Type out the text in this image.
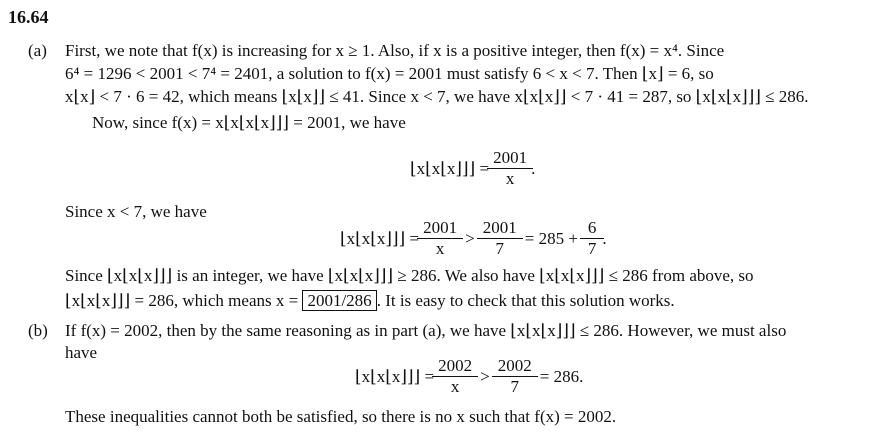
16.64
(a) First, we note that f(x) is increasing for x ≥ 1. Also, if x is a positive integer, then f(x) = x⁴. Since
6⁴ = 1296 < 2001 < 7⁴ = 2401, a solution to f(x) = 2001 must satisfy 6 < x < 7. Then ⌊x⌋ = 6, so
x⌊x⌋ < 7 · 6 = 42, which means ⌊x⌊x⌋⌋ ≤ 41. Since x < 7, we have x⌊x⌊x⌋⌋ < 7 · 41 = 287, so ⌊x⌊x⌊x⌋⌋⌋ ≤ 286.
Now, since f(x) = x⌊x⌊x⌊x⌋⌋⌋ = 2001, we have
⌊x⌊x⌊x⌋⌋⌋ = $\frac{2001}{x}$ .
Since x < 7, we have
⌊x⌊x⌊x⌋⌋⌋ = $\frac{2001}{x} > \frac{2001}{7} = 285 + \frac{6}{7}$ .
Since ⌊x⌊x⌊x⌋⌋⌋ is an integer, we have ⌊x⌊x⌊x⌋⌋⌋ ≥ 286. We also have ⌊x⌊x⌊x⌋⌋⌋ ≤ 286 from above, so
⌊x⌊x⌊x⌋⌋⌋ = 286, which means x = 2001/286 . It is easy to check that this solution works.
(b) If f(x) = 2002, then by the same reasoning as in part (a), we have ⌊x⌊x⌊x⌋⌋⌋ ≤ 286. However, we must also
have
⌊x⌊x⌊x⌋⌋⌋ = $\frac{2002}{x} > \frac{2002}{7} = 286$.
These inequalities cannot both be satisfied, so there is no x such that f(x) = 2002.
